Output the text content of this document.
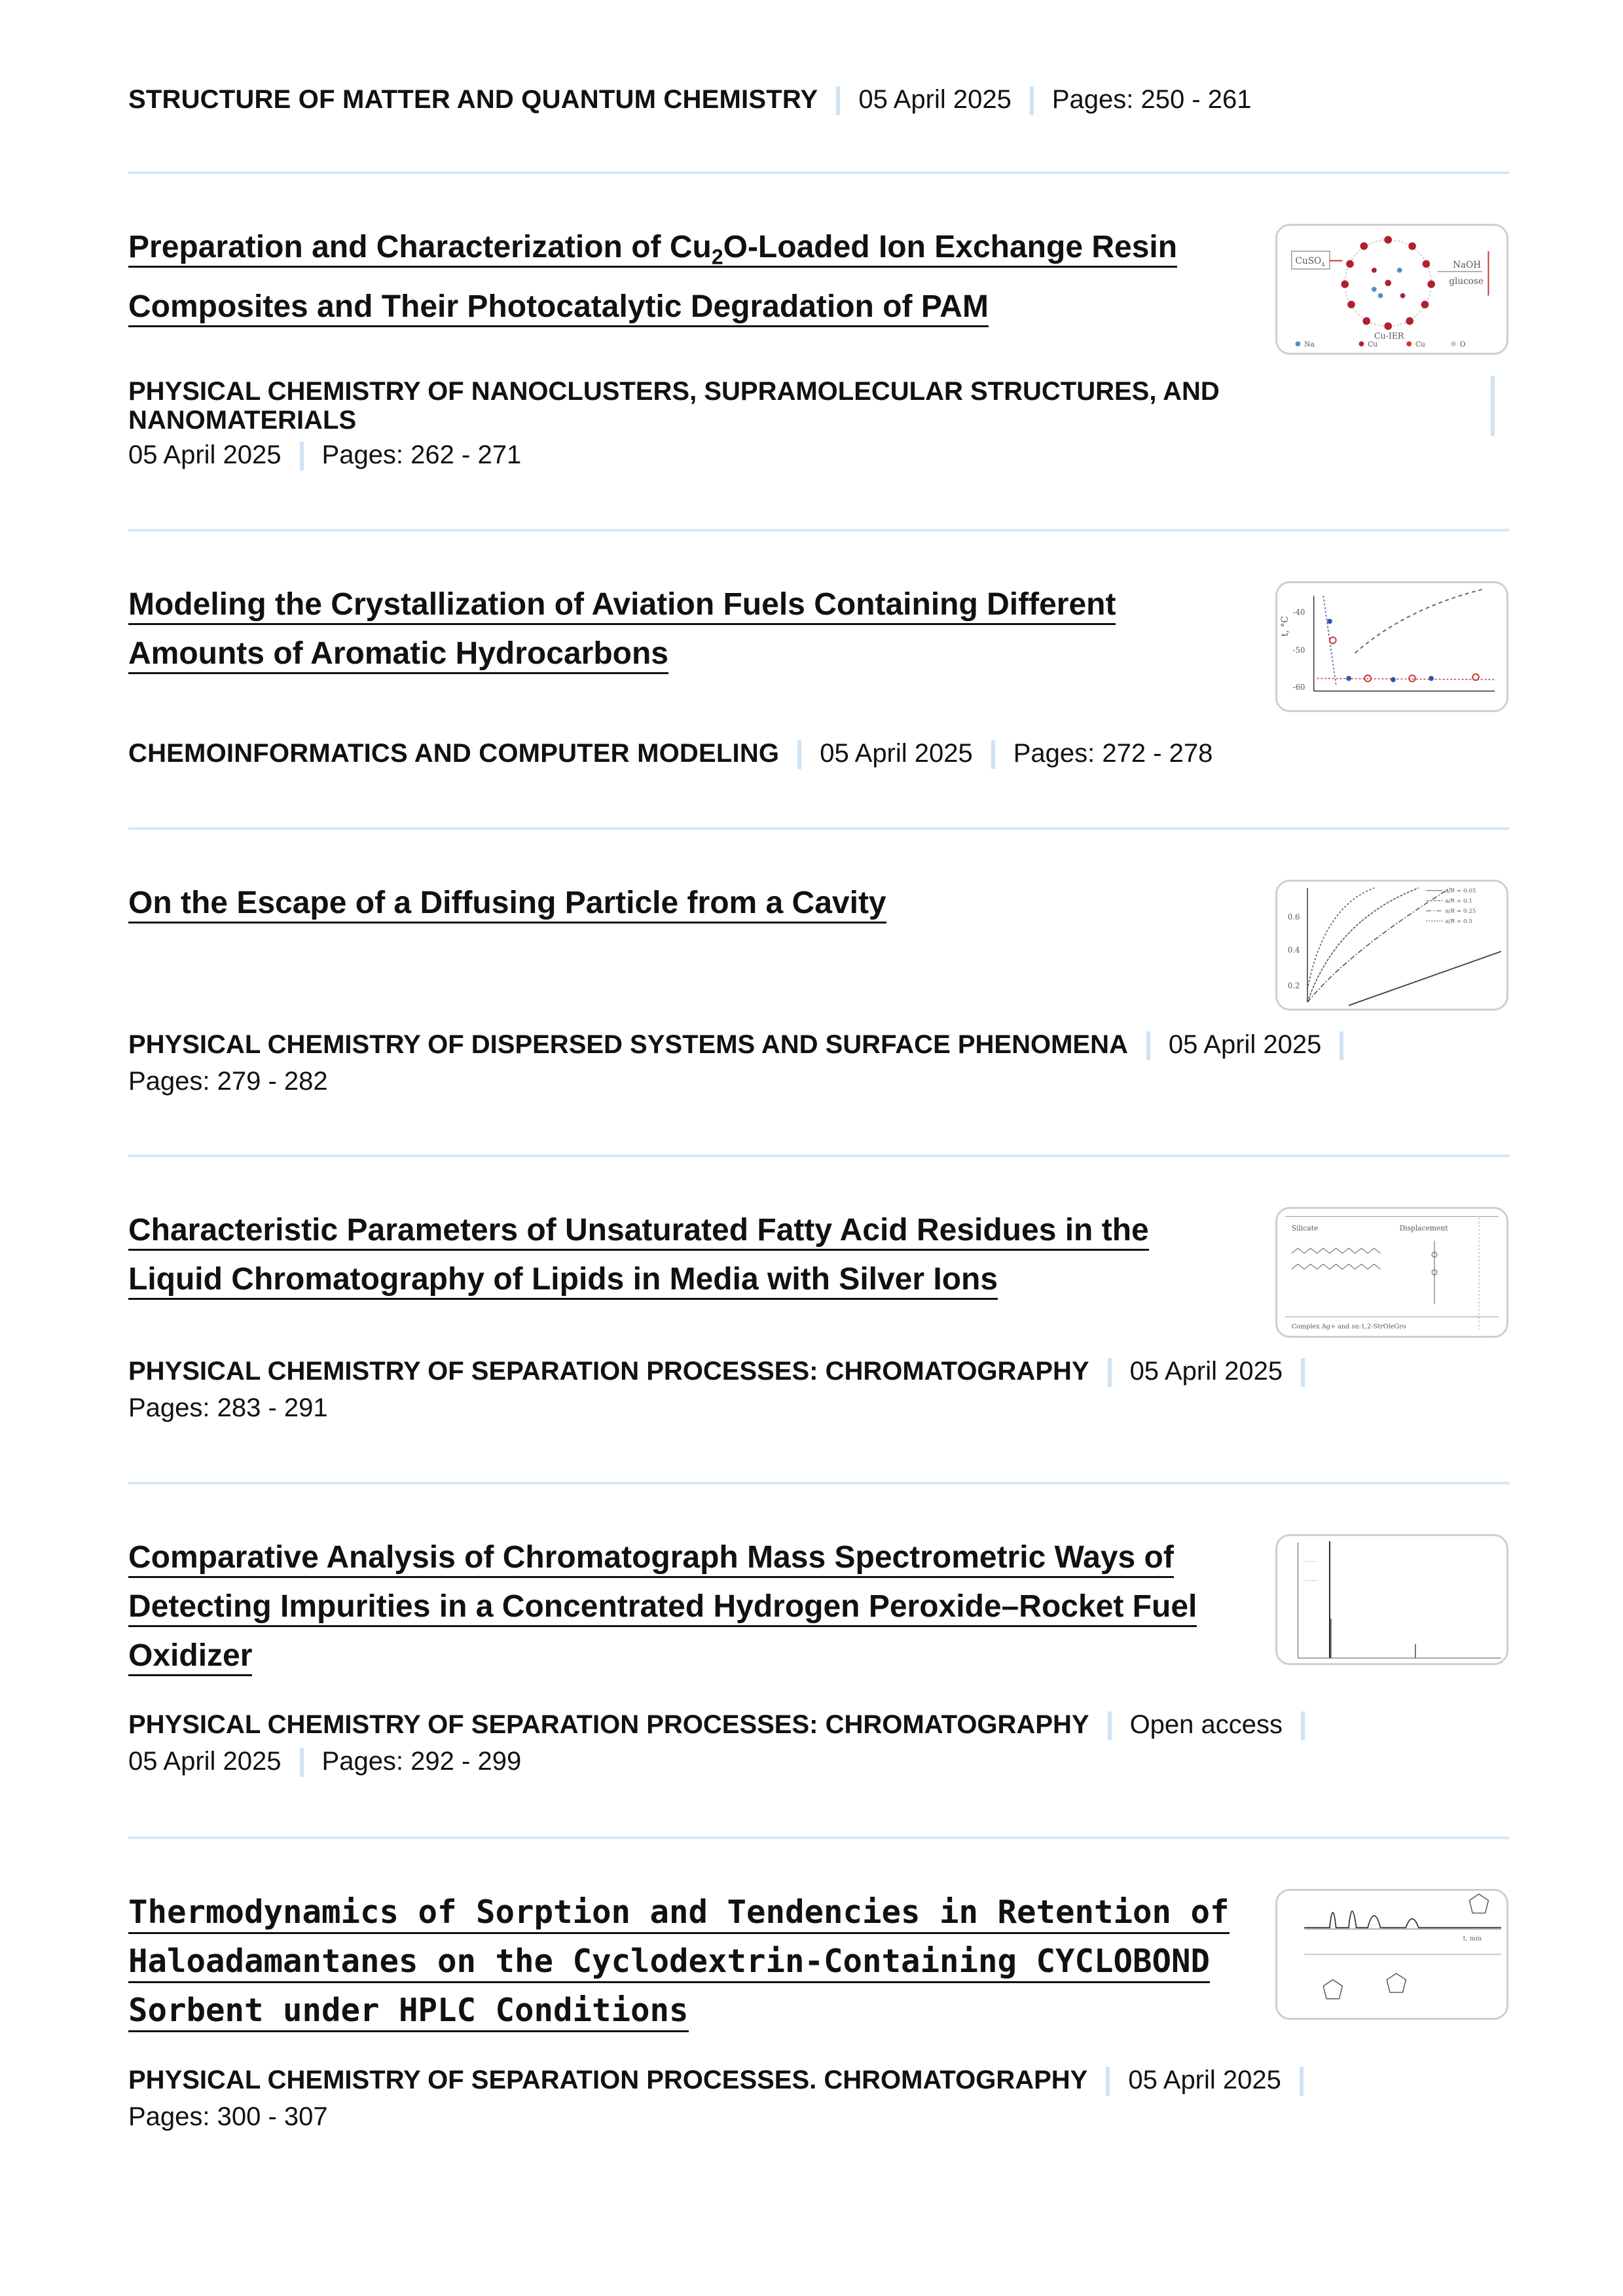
STRUCTURE OF MATTER AND QUANTUM CHEMISTRY 05 April 2025 Pages: 250 - 261
Preparation and Characterization of $Cu_2O$-Loaded Ion Exchange Resin
Composites and Their Photocatalytic Degradation of PAM
CuSO$_4$
Cu-IER
NaOH
glucose
Na	Cu	Cu	O
PHYSICAL CHEMISTRY OF NANOCLUSTERS, SUPRAMOLECULAR STRUCTURES, AND
NANOMATERIALS
05 April 2025 Pages: 262 - 271
Modeling the Crystallization of Aviation Fuels Containing Different
Amounts of Aromatic Hydrocarbons
t, °C
-40
-50
-60
CHEMOINFORMATICS AND COMPUTER MODELING 05 April 2025 Pages: 272 - 278
On the Escape of a Diffusing Particle from a Cavity	0.6
0.4
0.2
a/R = 0.05
a/R = 0.1
a/R = 0.25
a/R = 0.5
PHYSICAL CHEMISTRY OF DISPERSED SYSTEMS AND SURFACE PHENOMENA 05 April 2025
Pages: 279 - 282
Characteristic Parameters of Unsaturated Fatty Acid Residues in the
Liquid Chromatography of Lipids in Media with Silver Ions
Silicate	Displacement
Complex Ag+ and sn-1,2-StrOleGro
PHYSICAL CHEMISTRY OF SEPARATION PROCESSES: CHROMATOGRAPHY 05 April 2025
Pages: 283 - 291
Comparative Analysis of Chromatograph Mass Spectrometric Ways of
Detecting Impurities in a Concentrated Hydrogen Peroxide–Rocket Fuel
Oxidizer
PHYSICAL CHEMISTRY OF SEPARATION PROCESSES: CHROMATOGRAPHY Open access
05 April 2025 Pages: 292 - 299
Thermodynamics of Sorption and Tendencies in Retention of
Haloadamantanes on the Cyclodextrin-Containing CYCLOBOND
Sorbent under HPLC Conditions
t, min
PHYSICAL CHEMISTRY OF SEPARATION PROCESSES. CHROMATOGRAPHY 05 April 2025
Pages: 300 - 307
